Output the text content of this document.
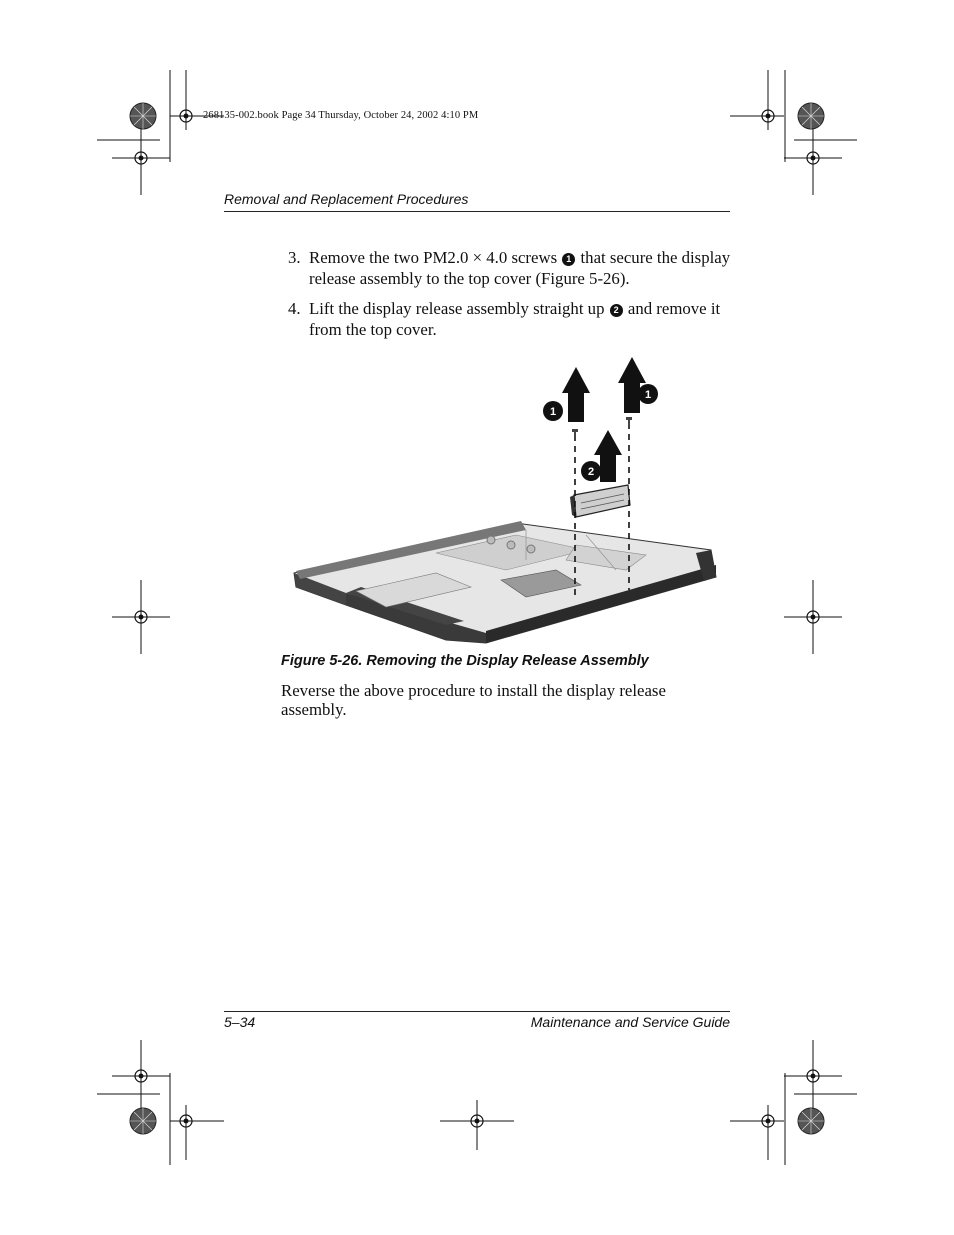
268135-002.book Page 34 Thursday, October 24, 2002 4:10 PM
Removal and Replacement Procedures
3. Remove the two PM2.0 × 4.0 screws 1 that secure the display release assembly to the top cover (Figure 5-26).
4. Lift the display release assembly straight up 2 and remove it from the top cover.
1
1
2
Figure 5-26. Removing the Display Release Assembly
Reverse the above procedure to install the display release assembly.
5–34	Maintenance and Service Guide
